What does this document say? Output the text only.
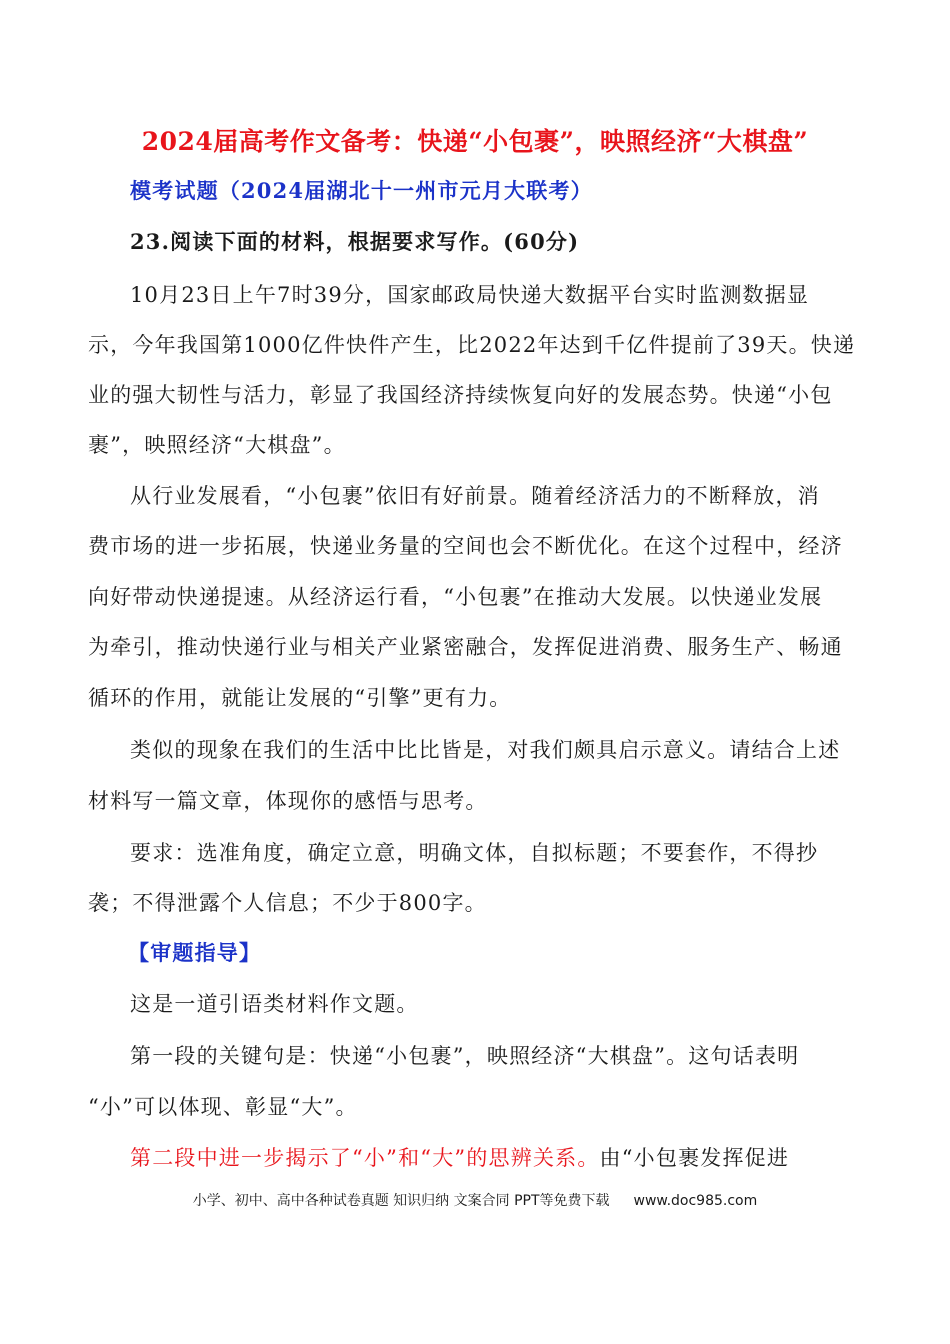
2024届高考作文备考：快递“小包裹”，映照经济“大棋盘”
模考试题（2024届湖北十一州市元月大联考）
23.阅读下面的材料，根据要求写作。(60分)
10月23日上午7时39分，国家邮政局快递大数据平台实时监测数据显
示，今年我国第1000亿件快件产生，比2022年达到千亿件提前了39天。快递
业的强大韧性与活力，彰显了我国经济持续恢复向好的发展态势。快递“小包
裹”，映照经济“大棋盘”。
从行业发展看，“小包裹”依旧有好前景。随着经济活力的不断释放，消
费市场的进一步拓展，快递业务量的空间也会不断优化。在这个过程中，经济
向好带动快递提速。从经济运行看，“小包裹”在推动大发展。以快递业发展
为牵引，推动快递行业与相关产业紧密融合，发挥促进消费、服务生产、畅通
循环的作用，就能让发展的“引擎”更有力。
类似的现象在我们的生活中比比皆是，对我们颇具启示意义。请结合上述
材料写一篇文章，体现你的感悟与思考。
要求：选准角度，确定立意，明确文体，自拟标题；不要套作，不得抄
袭；不得泄露个人信息；不少于800字。
【审题指导】
这是一道引语类材料作文题。
第一段的关键句是：快递“小包裹”，映照经济“大棋盘”。这句话表明
“小”可以体现、彰显“大”。
第二段中进一步揭示了“小”和“大”的思辨关系。由“小包裹发挥促进
小学、初中、高中各种试卷真题 知识归纳 文案合同 PPT等免费下载 www.doc985.com
